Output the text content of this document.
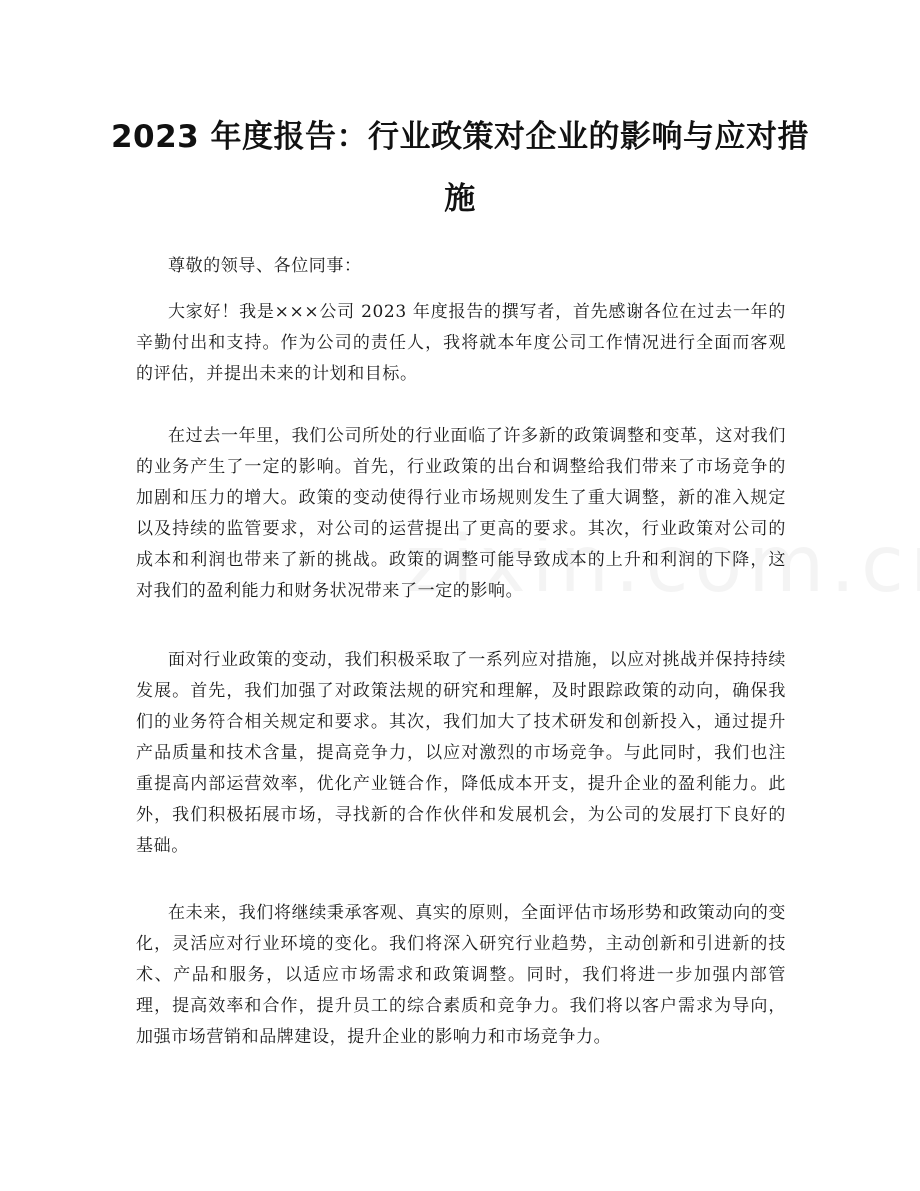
2023 年度报告：行业政策对企业的影响与应对措施

尊敬的领导、各位同事：

大家好！我是×××公司 2023 年度报告的撰写者，首先感谢各位在过去一年的辛勤付出和支持。作为公司的责任人，我将就本年度公司工作情况进行全面而客观的评估，并提出未来的计划和目标。

在过去一年里，我们公司所处的行业面临了许多新的政策调整和变革，这对我们的业务产生了一定的影响。首先，行业政策的出台和调整给我们带来了市场竞争的加剧和压力的增大。政策的变动使得行业市场规则发生了重大调整，新的准入规定以及持续的监管要求，对公司的运营提出了更高的要求。其次，行业政策对公司的成本和利润也带来了新的挑战。政策的调整可能导致成本的上升和利润的下降，这对我们的盈利能力和财务状况带来了一定的影响。

面对行业政策的变动，我们积极采取了一系列应对措施，以应对挑战并保持持续发展。首先，我们加强了对政策法规的研究和理解，及时跟踪政策的动向，确保我们的业务符合相关规定和要求。其次，我们加大了技术研发和创新投入，通过提升产品质量和技术含量，提高竞争力，以应对激烈的市场竞争。与此同时，我们也注重提高内部运营效率，优化产业链合作，降低成本开支，提升企业的盈利能力。此外，我们积极拓展市场，寻找新的合作伙伴和发展机会，为公司的发展打下良好的基础。

在未来，我们将继续秉承客观、真实的原则，全面评估市场形势和政策动向的变化，灵活应对行业环境的变化。我们将深入研究行业趋势，主动创新和引进新的技术、产品和服务，以适应市场需求和政策调整。同时，我们将进一步加强内部管理，提高效率和合作，提升员工的综合素质和竞争力。我们将以客户需求为导向，加强市场营销和品牌建设，提升企业的影响力和市场竞争力。
